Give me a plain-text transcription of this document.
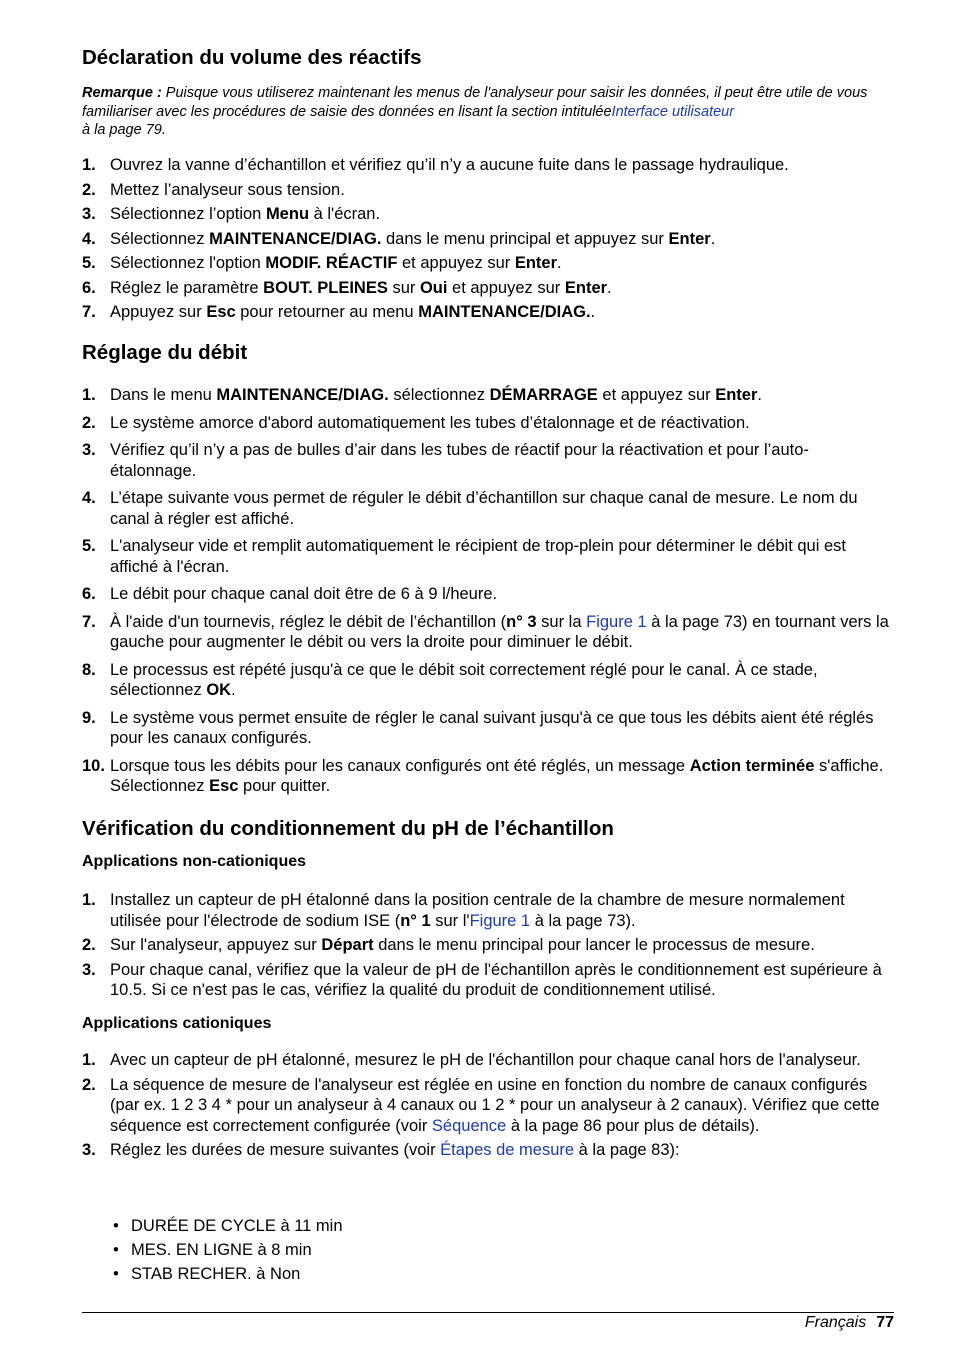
Déclaration du volume des réactifs
Remarque : Puisque vous utiliserez maintenant les menus de l'analyseur pour saisir les données, il peut être utile de vous familiariser avec les procédures de saisie des données en lisant la section intituléeInterface utilisateur
à la page 79.
1. Ouvrez la vanne d’échantillon et vérifiez qu’il n’y a aucune fuite dans le passage hydraulique.
2. Mettez l’analyseur sous tension.
3. Sélectionnez l’option Menu à l'écran.
4. Sélectionnez MAINTENANCE/DIAG. dans le menu principal et appuyez sur Enter.
5. Sélectionnez l'option MODIF. RÉACTIF et appuyez sur Enter.
6. Réglez le paramètre BOUT. PLEINES sur Oui et appuyez sur Enter.
7. Appuyez sur Esc pour retourner au menu MAINTENANCE/DIAG..
Réglage du débit
1. Dans le menu MAINTENANCE/DIAG. sélectionnez DÉMARRAGE et appuyez sur Enter.
2. Le système amorce d'abord automatiquement les tubes d’étalonnage et de réactivation.
3. Vérifiez qu’il n’y a pas de bulles d’air dans les tubes de réactif pour la réactivation et pour l’auto-étalonnage.
4. L’étape suivante vous permet de réguler le débit d’échantillon sur chaque canal de mesure. Le nom du canal à régler est affiché.
5. L'analyseur vide et remplit automatiquement le récipient de trop-plein pour déterminer le débit qui est affiché à l'écran.
6. Le débit pour chaque canal doit être de 6 à 9 l/heure.
7. À l'aide d'un tournevis, réglez le débit de l’échantillon (n° 3 sur la Figure 1 à la page 73) en tournant vers la gauche pour augmenter le débit ou vers la droite pour diminuer le débit.
8. Le processus est répété jusqu'à ce que le débit soit correctement réglé pour le canal. À ce stade, sélectionnez OK.
9. Le système vous permet ensuite de régler le canal suivant jusqu'à ce que tous les débits aient été réglés pour les canaux configurés.
10. Lorsque tous les débits pour les canaux configurés ont été réglés, un message Action terminée s'affiche. Sélectionnez Esc pour quitter.
Vérification du conditionnement du pH de l’échantillon
Applications non-cationiques
1. Installez un capteur de pH étalonné dans la position centrale de la chambre de mesure normalement utilisée pour l'électrode de sodium ISE (n° 1 sur l'Figure 1 à la page 73).
2. Sur l'analyseur, appuyez sur Départ dans le menu principal pour lancer le processus de mesure.
3. Pour chaque canal, vérifiez que la valeur de pH de l'échantillon après le conditionnement est supérieure à 10.5. Si ce n'est pas le cas, vérifiez la qualité du produit de conditionnement utilisé.
Applications cationiques
1. Avec un capteur de pH étalonné, mesurez le pH de l'échantillon pour chaque canal hors de l'analyseur.
2. La séquence de mesure de l'analyseur est réglée en usine en fonction du nombre de canaux configurés (par ex. 1 2 3 4 * pour un analyseur à 4 canaux ou 1 2 * pour un analyseur à 2 canaux). Vérifiez que cette séquence est correctement configurée (voir Séquence à la page 86 pour plus de détails).
3. Réglez les durées de mesure suivantes (voir Étapes de mesure à la page 83):
• DURÉE DE CYCLE à 11 min
• MES. EN LIGNE à 8 min
• STAB RECHER. à Non
Français 77
